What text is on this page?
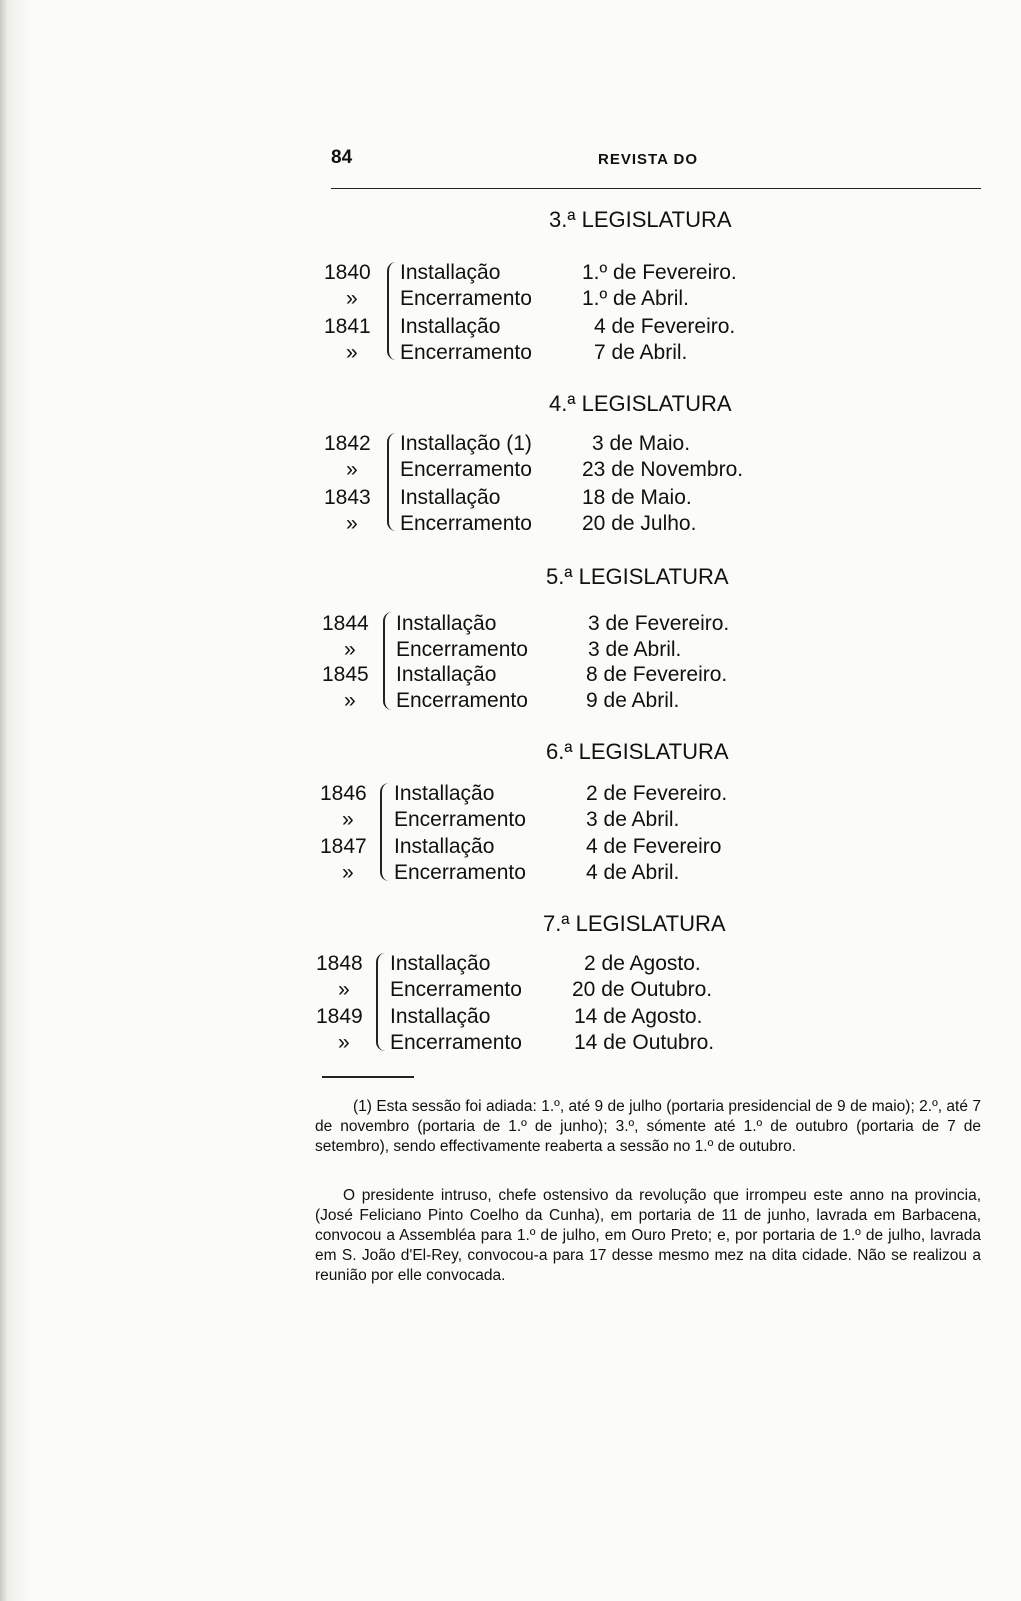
84	REVISTA DO
3.ª LEGISLATURA
1840 Installação	1.º de Fevereiro.
» Encerramento 1.º de Abril.
1841 Installação	4 de Fevereiro.
» Encerramento	7 de Abril.
4.ª LEGISLATURA
1842 Installação (1)	3 de Maio.
» Encerramento 23 de Novembro.
1843 Installação	18 de Maio.
» Encerramento 20 de Julho.
5.ª LEGISLATURA
1844 Installação	3 de Fevereiro.
» Encerramento	3 de Abril.
1845 Installação	8 de Fevereiro.
» Encerramento	9 de Abril.
6.ª LEGISLATURA
1846 Installação	2 de Fevereiro.
» Encerramento	3 de Abril.
1847 Installação	4 de Fevereiro
» Encerramento	4 de Abril.
7.ª LEGISLATURA
1848 Installação	2 de Agosto.
» Encerramento 20 de Outubro.
1849 Installação	14 de Agosto.
» Encerramento 14 de Outubro.

(1) Esta sessão foi adiada: 1.º, até 9 de julho (portaria presidencial de 9 de maio); 2.º, até 7 de novembro (portaria de 1.º de junho); 3.º, sómente até 1.º de outubro (portaria de 7 de setembro), sendo effectivamente reaberta a sessão no 1.º de outubro.

O presidente intruso, chefe ostensivo da revolução que irrompeu este anno na provincia, (José Feliciano Pinto Coelho da Cunha), em portaria de 11 de junho, lavrada em Barbacena, convocou a Assembléa para 1.º de julho, em Ouro Preto; e, por portaria de 1.º de julho, lavrada em S. João d'El-Rey, convocou-a para 17 desse mesmo mez na dita cidade. Não se realizou a reunião por elle convocada.
